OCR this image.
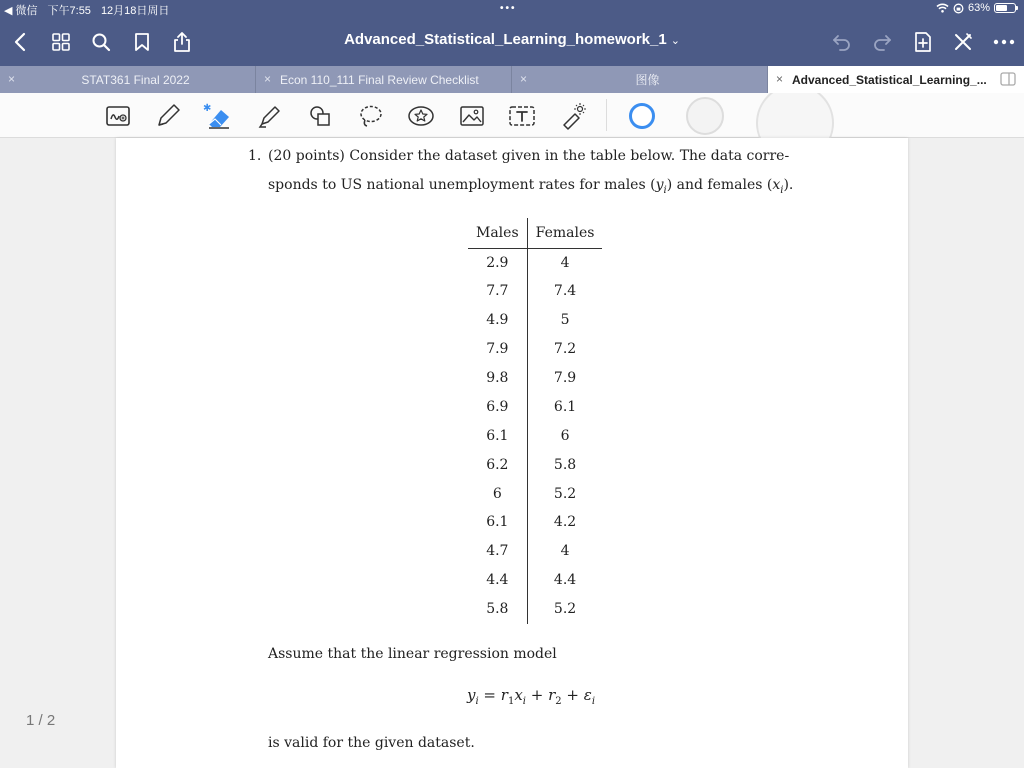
◀ 微信 下午7:55 12月18日周日	•••	63%
Advanced_Statistical_Learning_homework_1 ⌄
×	STAT361 Final 2022	× Econ 110_111 Final Review Checklist	×	图像	× Advanced_Statistical_Learning_...
✱
1 / 2
1. (20 points) Consider the dataset given in the table below. The data corre-
sponds to US national unemployment rates for males $(y_i)$ and females $(x_i)$.
Males	Females
2.9	4
7.7	7.4
4.9	5
7.9	7.2
9.8	7.9
6.9	6.1
6.1	6
6.2	5.8
6	5.2
6.1	4.2
4.7	4
4.4	4.4
5.8	5.2
Assume that the linear regression model
$y_i = r_1x_i + r_2 + \varepsilon_i$
is valid for the given dataset.
